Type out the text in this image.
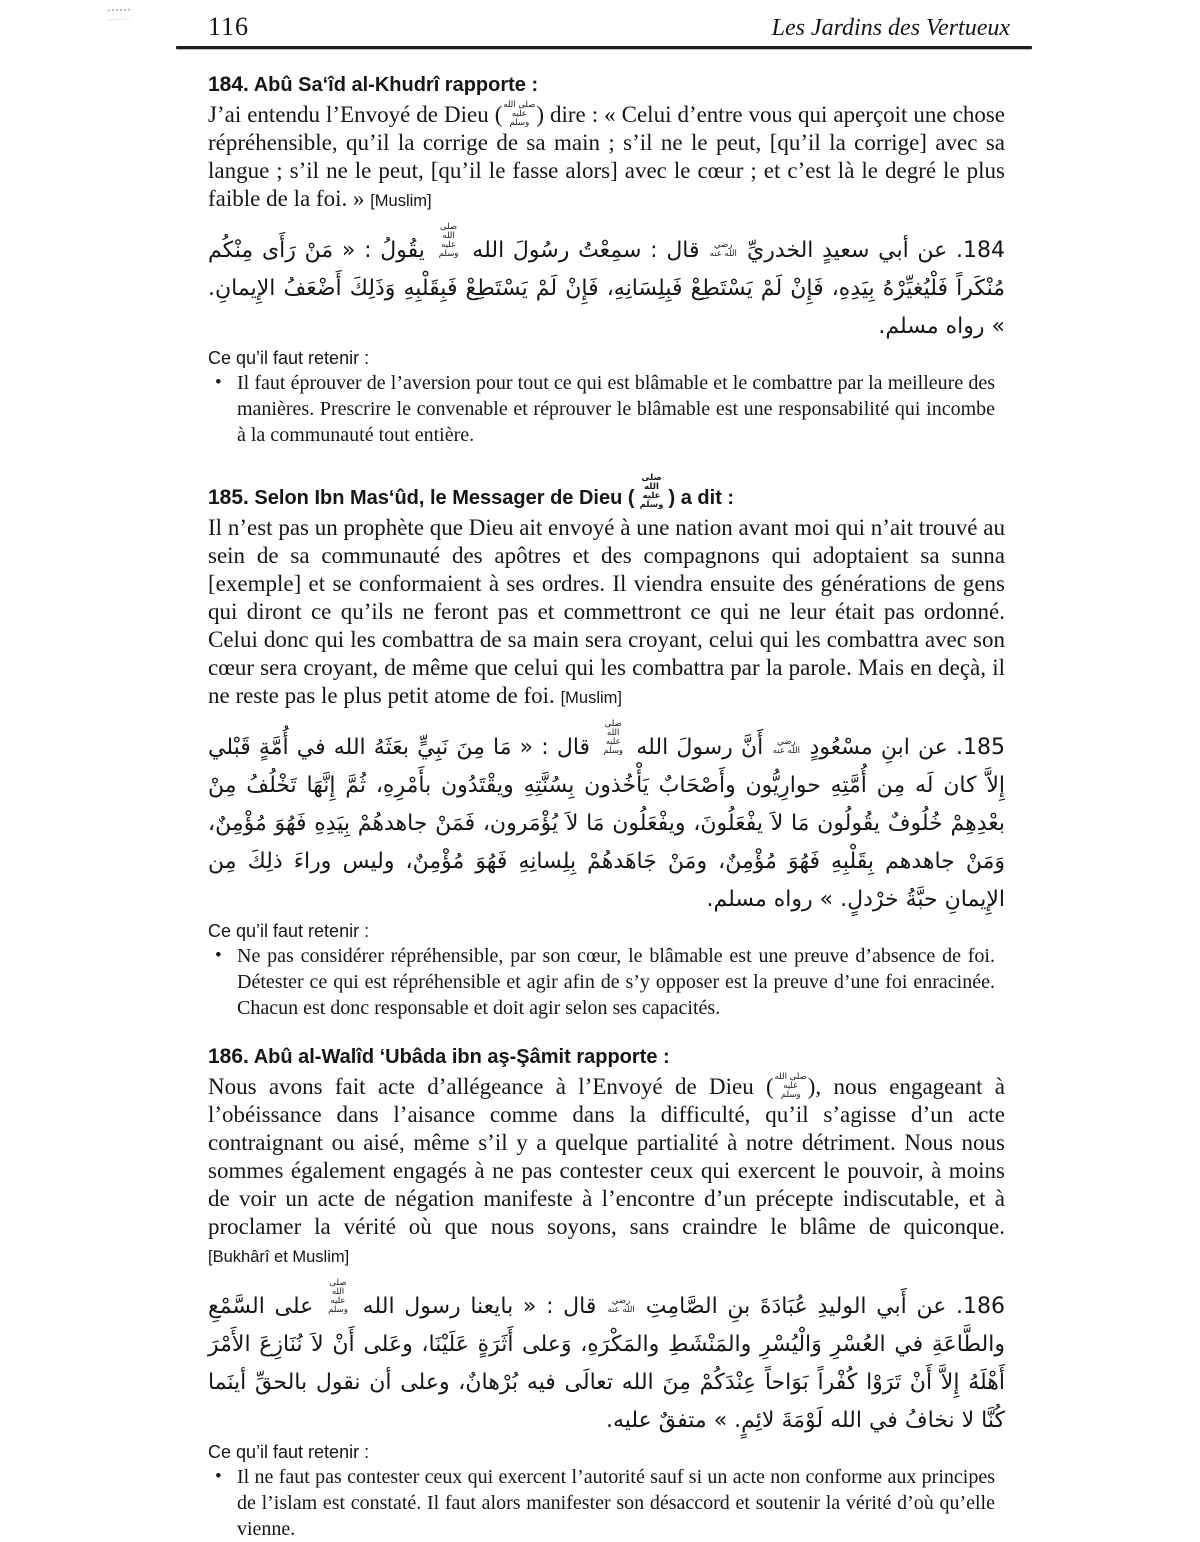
116	Les Jardins des Vertueux
184. Abû Sa‘îd al-Khudrî rapporte :

J’ai entendu l’Envoyé de Dieu (صلى الله عليه وسلم ) dire : « Celui d’entre vous qui aperçoit une chose répréhensible, qu’il la corrige de sa main ; s’il ne le peut, [qu’il la corrige] avec sa langue ; s’il ne le peut, [qu’il le fasse alors] avec le cœur ; et c’est là le degré le plus faible de la foi. » [Muslim]

184. عن أبي سعيدٍ الخدريِّ رضي الله عنه قال : سمِعْتُ رسُولَ الله صلى الله عليه وسلم يقُولُ : « مَنْ رَأَى مِنْكُم مُنْكَراً فَلْيُغيِّرْهُ بِيَدِهِ، فَإِنْ لَمْ يَسْتَطِعْ فَبِلِسَانِهِ، فَإِنْ لَمْ يَسْتَطِعْ فَبِقَلْبِهِ وَذَلِكَ أَضْعَفُ الإِيمانِ. » رواه مسلم.

Ce qu’il faut retenir :
• Il faut éprouver de l’aversion pour tout ce qui est blâmable et le combattre par la meilleure des manières. Prescrire le convenable et réprouver le blâmable est une responsabilité qui incombe à la communauté tout entière.
185. Selon Ibn Mas‘ûd, le Messager de Dieu (صلى الله عليه وسلم ) a dit :

Il n’est pas un prophète que Dieu ait envoyé à une nation avant moi qui n’ait trouvé au sein de sa communauté des apôtres et des compagnons qui adoptaient sa sunna [exemple] et se conformaient à ses ordres. Il viendra ensuite des générations de gens qui diront ce qu’ils ne feront pas et commettront ce qui ne leur était pas ordonné. Celui donc qui les combattra de sa main sera croyant, celui qui les combattra avec son cœur sera croyant, de même que celui qui les combattra par la parole. Mais en deçà, il ne reste pas le plus petit atome de foi. [Muslim]

185. عن ابنِ مسْعُودٍ رضي الله عنه أَنَّ رسولَ الله صلى الله عليه وسلم قال : « مَا مِنَ نَبِيٍّ بعَثَهُ الله في أُمَّةٍ قَبْلي إِلاَّ كان لَه مِن أُمَّتِهِ حوارِيُّون وأَصْحَابٌ يَأْخُذون بِسُنَّتِهِ ويقْتَدُون بأَمْرِهِ، ثُمَّ إِنَّهَا تَخْلُفُ مِنْ بعْدِهِمْ خُلُوفٌ يقُولُون مَا لاَ يفْعَلُونَ، ويفْعَلُون مَا لاَ يُؤْمَرون، فَمَنْ جاهدهُمْ بِيَدِهِ فَهُوَ مُؤْمِنٌ، وَمَنْ جاهدهم بِقَلْبِهِ فَهُوَ مُؤْمِنٌ، ومَنْ جَاهَدهُمْ بِلِسانِهِ فَهُوَ مُؤْمِنٌ، وليس وراءَ ذلِكَ مِن الإِيمانِ حبَّةُ خرْدلٍ. » رواه مسلم.

Ce qu’il faut retenir :
• Ne pas considérer répréhensible, par son cœur, le blâmable est une preuve d’absence de foi. Détester ce qui est répréhensible et agir afin de s’y opposer est la preuve d’une foi enracinée. Chacun est donc responsable et doit agir selon ses capacités.
186. Abû al-Walîd ‘Ubâda ibn aş-Şâmit rapporte :

Nous avons fait acte d’allégeance à l’Envoyé de Dieu (صلى الله عليه وسلم ), nous engageant à l’obéissance dans l’aisance comme dans la difficulté, qu’il s’agisse d’un acte contraignant ou aisé, même s’il y a quelque partialité à notre détriment. Nous nous sommes également engagés à ne pas contester ceux qui exercent le pouvoir, à moins de voir un acte de négation manifeste à l’encontre d’un précepte indiscutable, et à proclamer la vérité où que nous soyons, sans craindre le blâme de quiconque. [Bukhârî et Muslim]

186. عن أَبي الوليدِ عُبَادَةَ بنِ الصَّامِتِ رضي الله عنه قال : « بايعنا رسول الله صلى الله عليه وسلم على السَّمْعِ والطَّاعَةِ في العُسْرِ وَالْيُسْرِ والمَنْشَطِ والمَكْرَهِ، وَعلى أَثَرَةٍ عَلَيْنَا، وعَلى أَنْ لاَ نُنَازِعَ الأَمْرَ أَهْلَهُ إِلاَّ أَنْ تَرَوْا كُفْراً بَوَاحاً عِنْدَكُمْ مِنَ الله تعالَى فيه بُرْهانٌ، وعلى أن نقول بالحقِّ أينَما كُنَّا لا نخافُ في الله لَوْمَةَ لائِمٍ. » متفقٌ عليه.

Ce qu’il faut retenir :
• Il ne faut pas contester ceux qui exercent l’autorité sauf si un acte non conforme aux principes de l’islam est constaté. Il faut alors manifester son désaccord et soutenir la vérité d’où qu’elle vienne.
